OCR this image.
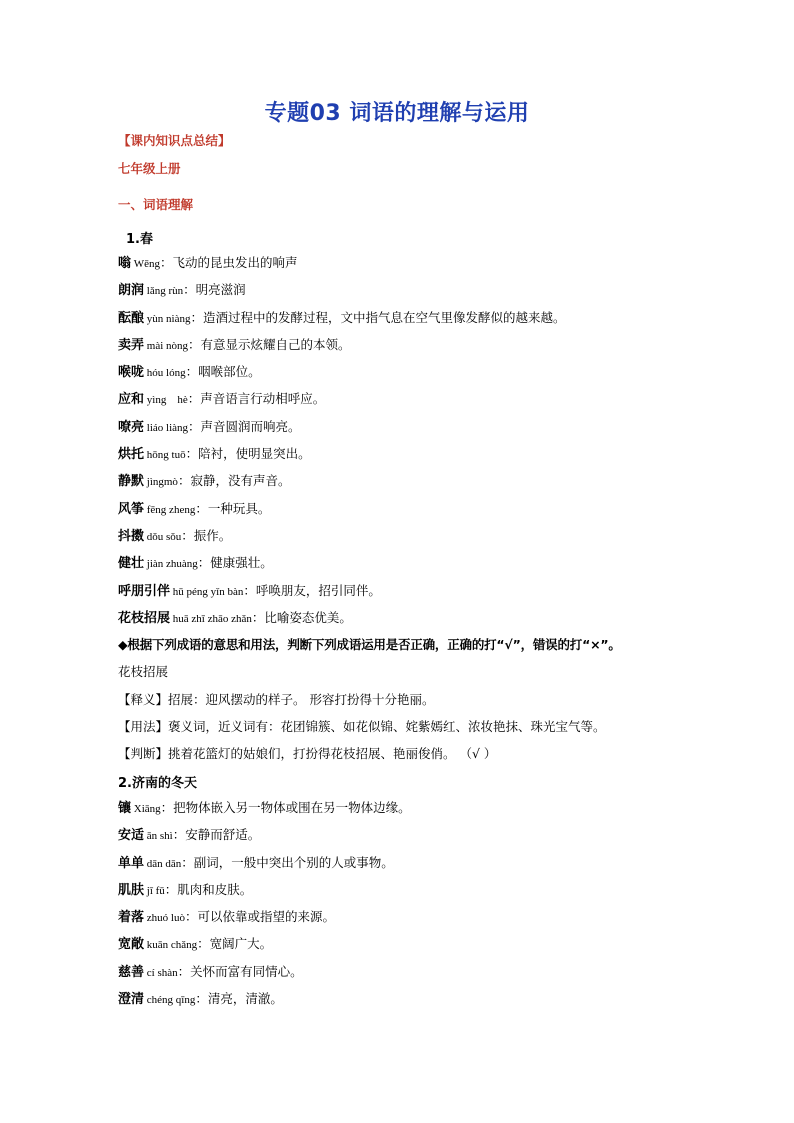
专题03 词语的理解与运用
【课内知识点总结】
七年级上册
一、词语理解
1.春
嗡 Wēng：飞动的昆虫发出的响声
朗润 lǎng rùn：明亮滋润
酝酿 yùn niàng：造酒过程中的发酵过程，文中指气息在空气里像发酵似的越来越。
卖弄 mài nòng：有意显示炫耀自己的本领。
喉咙 hóu lóng：咽喉部位。
应和 yìng　hè：声音语言行动相呼应。
嘹亮 liáo liàng：声音圆润而响亮。
烘托 hōng tuō：陪衬，使明显突出。
静默 jìngmò：寂静，没有声音。
风筝 fēng zheng：一种玩具。
抖擞 dǒu sǒu：振作。
健壮 jiàn zhuàng：健康强壮。
呼朋引伴 hū péng yǐn bàn：呼唤朋友，招引同伴。
花枝招展 huā zhī zhāo zhǎn：比喻姿态优美。
◆根据下列成语的意思和用法，判断下列成语运用是否正确，正确的打“√”，错误的打“×”。
花枝招展
【释义】招展：迎风摆动的样子。 形容打扮得十分艳丽。
【用法】褒义词，近义词有：花团锦簇、如花似锦、姹紫嫣红、浓妆艳抹、珠光宝气等。
【判断】挑着花篮灯的姑娘们，打扮得花枝招展、艳丽俊俏。 （√ ）
2.济南的冬天
镶 Xiāng：把物体嵌入另一物体或围在另一物体边缘。
安适 ān shì：安静而舒适。
单单 dān dān：副词，一般中突出个别的人或事物。
肌肤 jī fū：肌肉和皮肤。
着落 zhuó luò：可以依靠或指望的来源。
宽敞 kuān chǎng：宽阔广大。
慈善 cí shàn：关怀而富有同情心。
澄清 chéng qīng：清亮，清澈。
